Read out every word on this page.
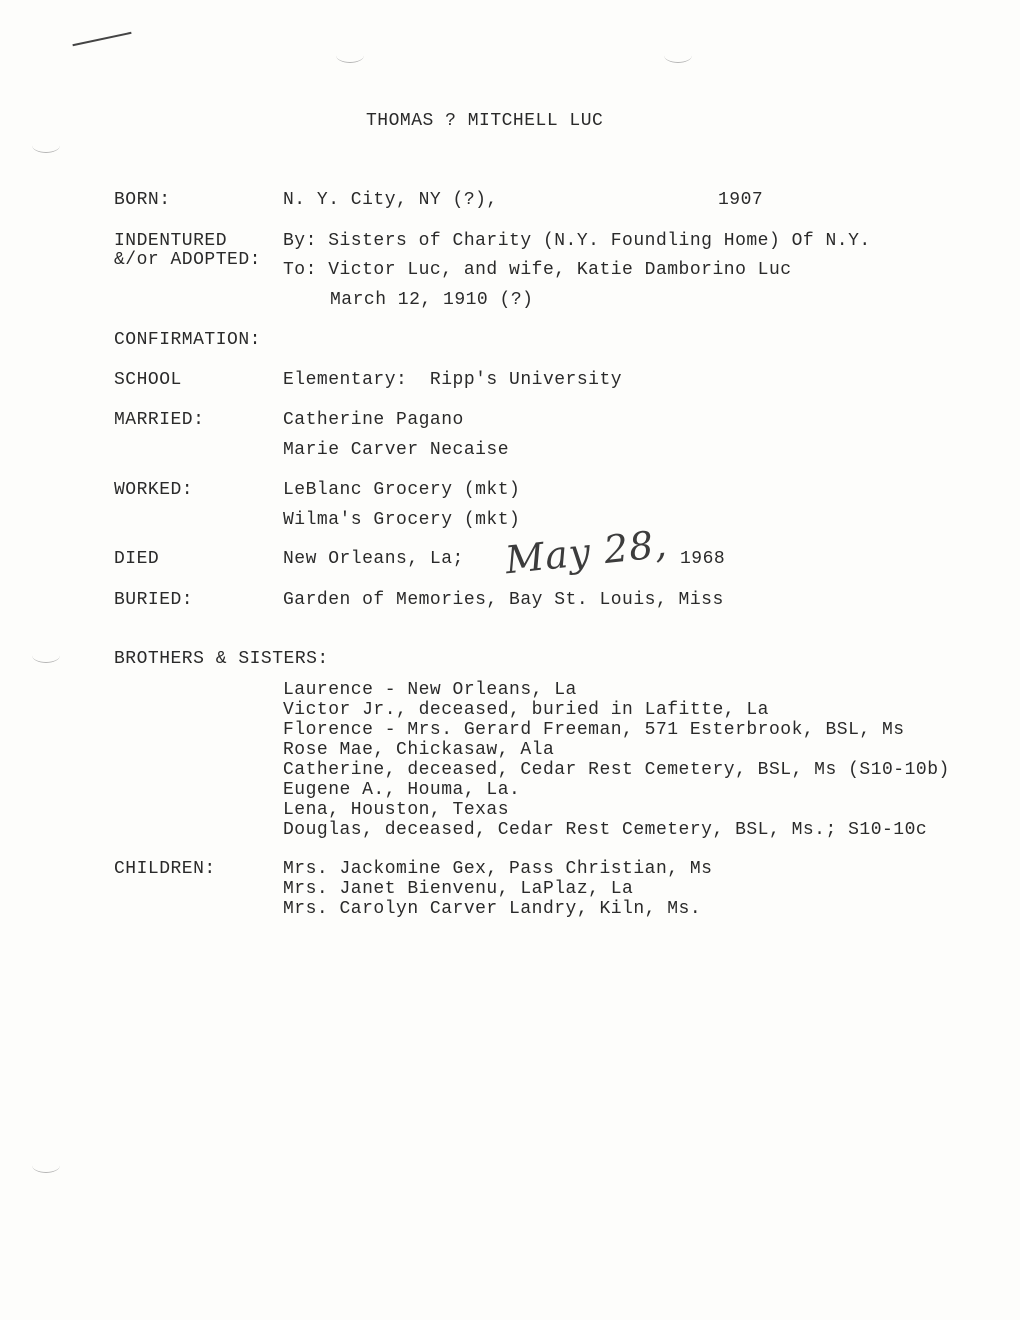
THOMAS ? MITCHELL LUC
BORN:	N. Y. City, NY (?),	1907
INDENTURED
&/or ADOPTED:
By: Sisters of Charity (N.Y. Foundling Home) Of N.Y.
To: Victor Luc, and wife, Katie Damborino Luc
March 12, 1910 (?)
CONFIRMATION:
SCHOOL	Elementary:  Ripp's University
MARRIED:	Catherine Pagano
Marie Carver Necaise
WORKED:	LeBlanc Grocery (mkt)
Wilma's Grocery (mkt)
DIED	New Orleans, La; May 28, 1968
BURIED:	Garden of Memories, Bay St. Louis, Miss
BROTHERS & SISTERS:
Laurence - New Orleans, La
Victor Jr., deceased, buried in Lafitte, La
Florence - Mrs. Gerard Freeman, 571 Esterbrook, BSL, Ms
Rose Mae, Chickasaw, Ala
Catherine, deceased, Cedar Rest Cemetery, BSL, Ms (S10-10b)
Eugene A., Houma, La.
Lena, Houston, Texas
Douglas, deceased, Cedar Rest Cemetery, BSL, Ms.; S10-10c
CHILDREN:	Mrs. Jackomine Gex, Pass Christian, Ms
Mrs. Janet Bienvenu, LaPlaz, La
Mrs. Carolyn Carver Landry, Kiln, Ms.
